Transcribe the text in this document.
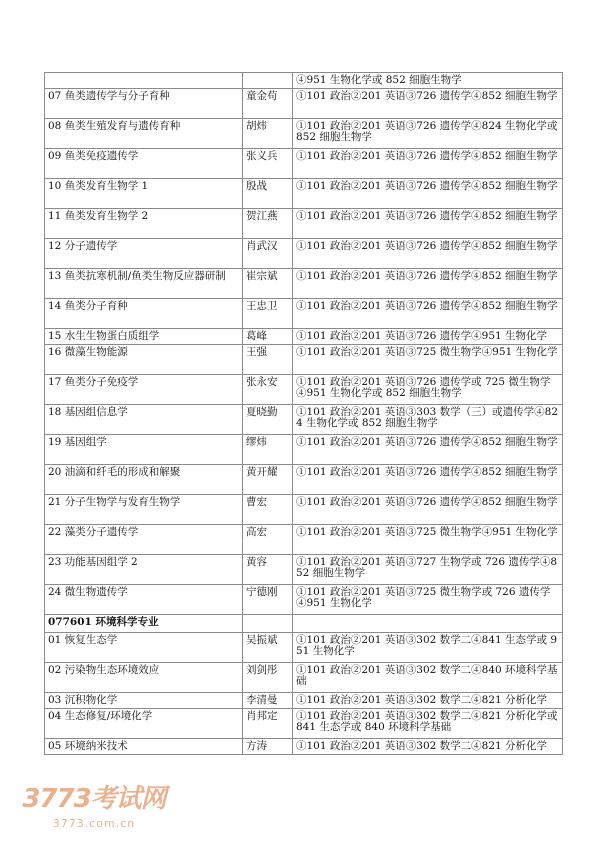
		④951 生物化学或 852 细胞生物学
07 鱼类遗传学与分子育种	童金苟	①101 政治②201 英语③726 遗传学④852 细胞生物学
08 鱼类生殖发育与遗传育种	胡炜	①101 政治②201 英语③726 遗传学④824 生物化学或 852 细胞生物学
09 鱼类免疫遗传学	张义兵	①101 政治②201 英语③726 遗传学④852 细胞生物学
10 鱼类发育生物学 1	殷战	①101 政治②201 英语③726 遗传学④852 细胞生物学
11 鱼类发育生物学 2	贺江燕	①101 政治②201 英语③726 遗传学④852 细胞生物学
12 分子遗传学	肖武汉	①101 政治②201 英语③726 遗传学④852 细胞生物学
13 鱼类抗寒机制/鱼类生物反应器研制	崔宗斌	①101 政治②201 英语③726 遗传学④852 细胞生物学
14 鱼类分子育种	王忠卫	①101 政治②201 英语③726 遗传学④852 细胞生物学
15 水生生物蛋白质组学	葛峰	①101 政治②201 英语③726 遗传学④951 生物化学
16 微藻生物能源	王强	①101 政治②201 英语③725 微生物学④951 生物化学
17 鱼类分子免疫学	张永安	①101 政治②201 英语③726 遗传学或 725 微生物学④951 生物化学或 852 细胞生物学
18 基因组信息学	夏晓勤	①101 政治②201 英语③303 数学（三）或遗传学④824 生物化学或 852 细胞生物学
19 基因组学	缪炜	①101 政治②201 英语③726 遗传学④852 细胞生物学
20 油滴和纤毛的形成和解聚	黄开耀	①101 政治②201 英语③726 遗传学④852 细胞生物学
21 分子生物学与发育生物学	曹宏	①101 政治②201 英语③726 遗传学④852 细胞生物学
22 藻类分子遗传学	高宏	①101 政治②201 英语③725 微生物学④951 生物化学
23 功能基因组学 2	黄容	①101 政治②201 英语③727 生物学或 726 遗传学④852 细胞生物学
24 微生物遗传学	宁德刚	①101 政治②201 英语③725 微生物学或 726 遗传学④951 生物化学
077601 环境科学专业		
01 恢复生态学	吴振斌	①101 政治②201 英语③302 数学二④841 生态学或 951 生物化学
02 污染物生态环境效应	刘剑彤	①101 政治②201 英语③302 数学二④840 环境科学基础
03 沉积物化学	李清曼	①101 政治②201 英语③302 数学二④821 分析化学
04 生态修复/环境化学	肖邦定	①101 政治②201 英语③302 数学二④821 分析化学或 841 生态学或 840 环境科学基础
05 环境纳米技术	方涛	①101 政治②201 英语③302 数学二④821 分析化学
3773考试网
3773.com.cn
